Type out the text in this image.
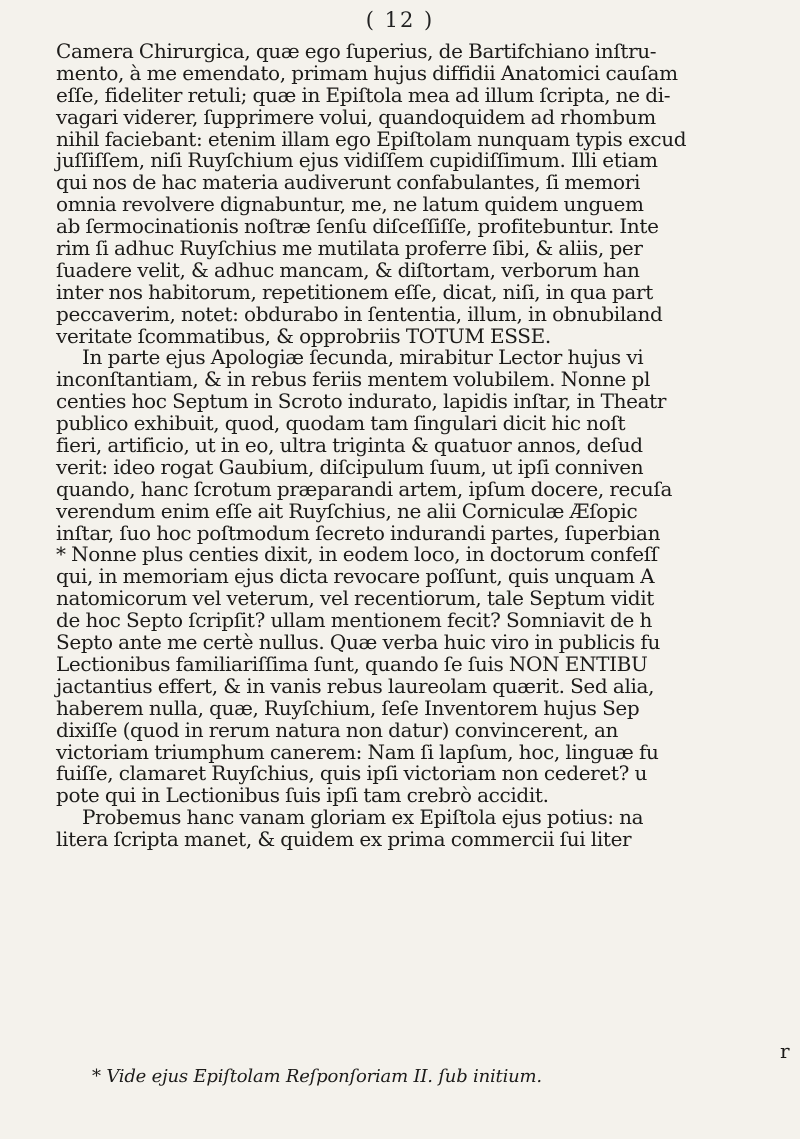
( 12 )
Camera Chirurgica, quæ ego ſuperius, de Bartifchiano inſtru-
mento, à me emendato, primam hujus diffidii Anatomici cauſam
eſſe, fideliter retuli; quæ in Epiſtola mea ad illum ſcripta, ne di-
vagari viderer, ſupprimere volui, quandoquidem ad rhombum
nihil faciebant: etenim illam ego Epiſtolam nunquam typis excud
juſſiſſem, niſi Ruyſchium ejus vidiſſem cupidiſſimum. Illi etiam
qui nos de hac materia audiverunt confabulantes, ſi memori
omnia revolvere dignabuntur, me, ne latum quidem unguem
ab ſermocinationis noſtræ ſenſu diſceſſiſſe, profitebuntur. Inte
rim ſi adhuc Ruyſchius me mutilata proferre ſibi, & aliis, per
ſuadere velit, & adhuc mancam, & diſtortam, verborum han
inter nos habitorum, repetitionem eſſe, dicat, niſi, in qua part
peccaverim, notet: obdurabo in ſententia, illum, in obnubiland
veritate ſcommatibus, & opprobriis TOTUM ESSE.
In parte ejus Apologiæ ſecunda, mirabitur Lector hujus vi
inconſtantiam, & in rebus feriis mentem volubilem. Nonne pl
centies hoc Septum in Scroto indurato, lapidis inſtar, in Theatr
publico exhibuit, quod, quodam tam ſingulari dicit hic noſt
fieri, artificio, ut in eo, ultra triginta & quatuor annos, deſud
verit: ideo rogat Gaubium, diſcipulum ſuum, ut ipſi conniven
quando, hanc ſcrotum præparandi artem, ipſum docere, recuſa
verendum enim eſſe ait Ruyſchius, ne alii Corniculæ Æſopic
inſtar, ſuo hoc poſtmodum ſecreto indurandi partes, ſuperbian
* Nonne plus centies dixit, in eodem loco, in doctorum confeſſ
qui, in memoriam ejus dicta revocare poſſunt, quis unquam A
natomicorum vel veterum, vel recentiorum, tale Septum vidit
de hoc Septo ſcripſit? ullam mentionem fecit? Somniavit de h
Septo ante me certè nullus. Quæ verba huic viro in publicis fu
Lectionibus familiariſſima ſunt, quando ſe ſuis NON ENTIBU
jactantius effert, & in vanis rebus laureolam quærit. Sed alia,
haberem nulla, quæ, Ruyſchium, ſeſe Inventorem hujus Sep
dixiſſe (quod in rerum natura non datur) convincerent, an
victoriam triumphum canerem: Nam ſi lapſum, hoc, linguæ fu
fuiſſe, clamaret Ruyſchius, quis ipſi victoriam non cederet? u
pote qui in Lectionibus ſuis ipſi tam crebrò accidit.
Probemus hanc vanam gloriam ex Epiſtola ejus potius: na
litera ſcripta manet, & quidem ex prima commercii ſui liter
r
* Vide ejus Epiſtolam Reſponſoriam II. ſub initium.
